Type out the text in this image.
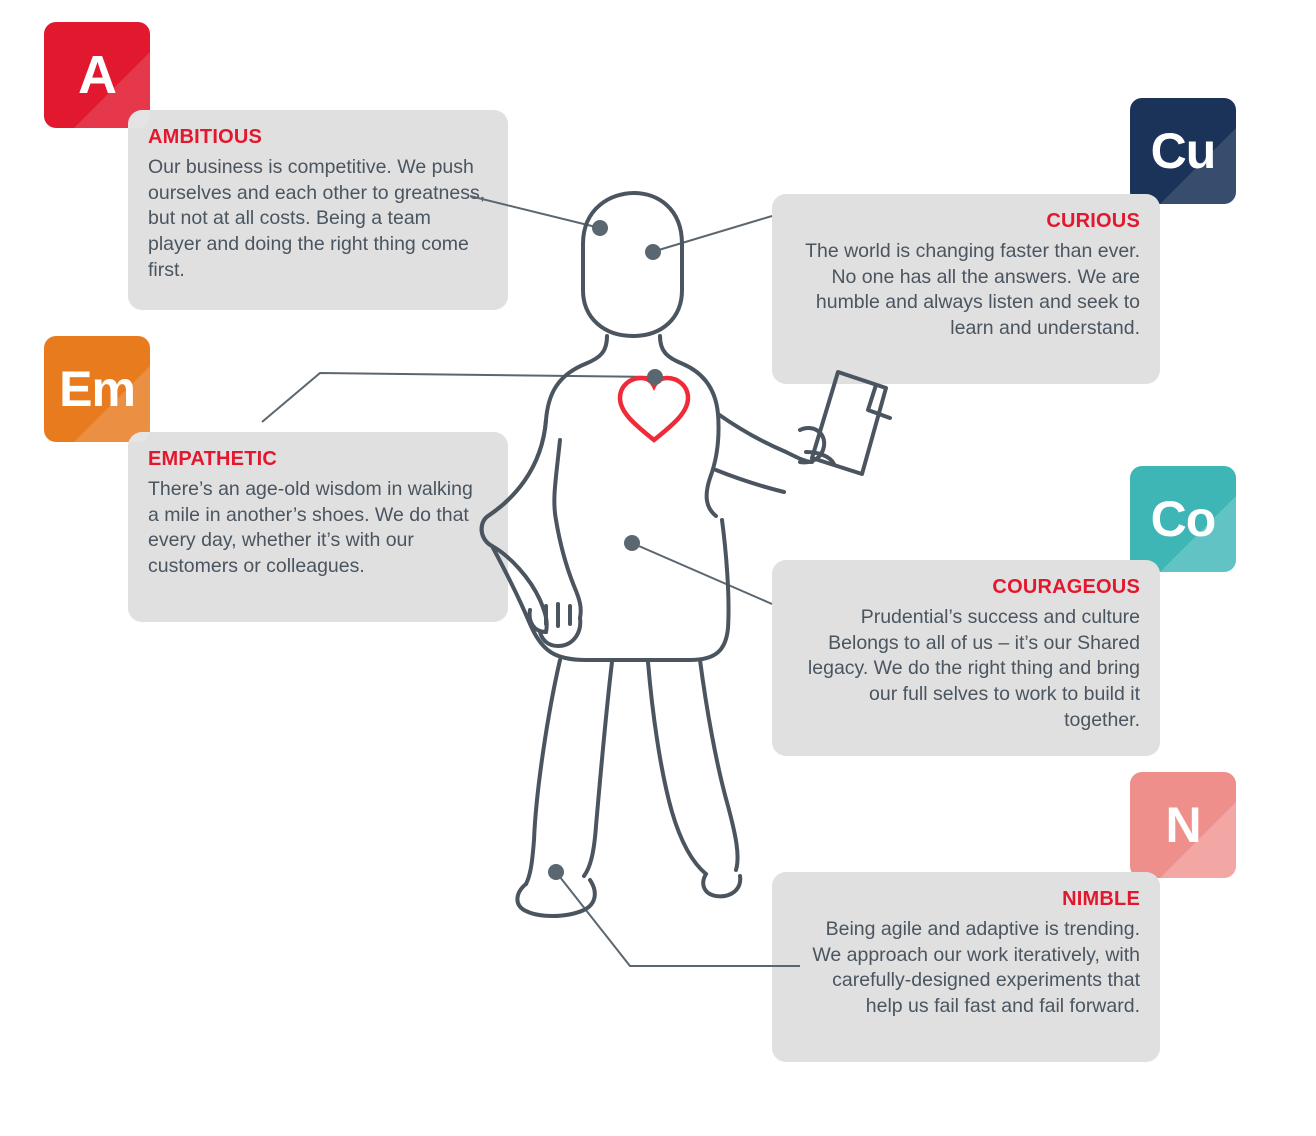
A
Em
Cu
Co
N
AMBITIOUS
Our business is competitive. We push ourselves and each other to greatness, but not at all costs. Being a team player and doing the right thing come first.
EMPATHETIC
There’s an age-old wisdom in walking a mile in another’s shoes. We do that every day, whether it’s with our customers or colleagues.
CURIOUS
The world is changing faster than ever. No one has all the answers. We are humble and always listen and seek to learn and understand.
COURAGEOUS
Prudential’s success and culture Belongs to all of us – it’s our Shared legacy. We do the right thing and bring our full selves to work to build it together.
NIMBLE
Being agile and adaptive is trending. We approach our work iteratively, with carefully-designed experiments that help us fail fast and fail forward.
